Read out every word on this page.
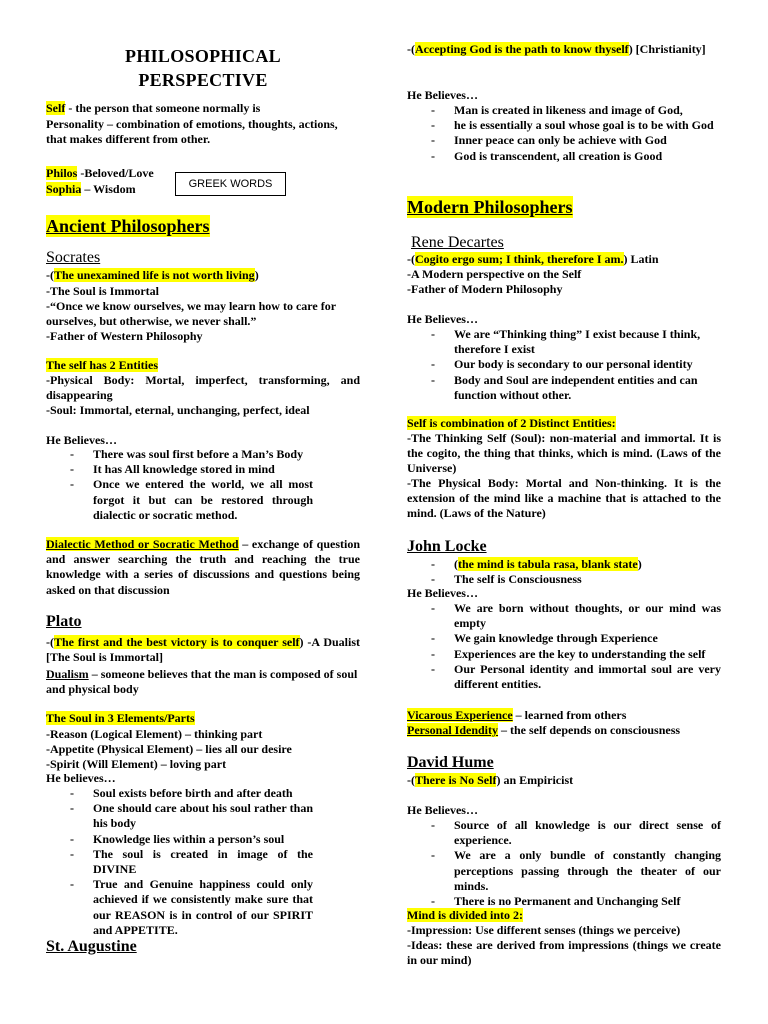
PHILOSOPHICAL
PERSPECTIVE

Self - the person that someone normally is

Personality – combination of emotions, thoughts, actions, that makes different from other.

Philos -Beloved/Love

Sophia – Wisdom	GREEK WORDS

Ancient Philosophers

Socrates

-(The unexamined life is not worth living)

-The Soul is Immortal

-“Once we know ourselves, we may learn how to care for ourselves, but otherwise, we never shall.”

-Father of Western Philosophy

The self has 2 Entities

-Physical Body: Mortal, imperfect, transforming, and disappearing

-Soul: Immortal, eternal, unchanging, perfect, ideal

He Believes…

- There was soul first before a Man’s Body
- It has All knowledge stored in mind
- Once we entered the world, we all most forgot it but can be restored through dialectic or socratic method.

Dialectic Method or Socratic Method – exchange of question and answer searching the truth and reaching the true knowledge with a series of discussions and questions being asked on that discussion

Plato

-(The first and the best victory is to conquer self) -A Dualist [The Soul is Immortal]

Dualism – someone believes that the man is composed of soul and physical body

The Soul in 3 Elements/Parts

-Reason (Logical Element) – thinking part

-Appetite (Physical Element) – lies all our desire

-Spirit (Will Element) – loving part

He believes…

- Soul exists before birth and after death
- One should care about his soul rather than his body
- Knowledge lies within a person’s soul
- The soul is created in image of the DIVINE
- True and Genuine happiness could only achieved if we consistently make sure that our REASON is in control of our SPIRIT and APPETITE.

St. Augustine

-(Accepting God is the path to know thyself) [Christianity]

He Believes…

- Man is created in likeness and image of God,
- he is essentially a soul whose goal is to be with God
- Inner peace can only be achieve with God
- God is transcendent, all creation is Good

Modern Philosophers

Rene Decartes

-(Cogito ergo sum; I think, therefore I am.) Latin

-A Modern perspective on the Self

-Father of Modern Philosophy

He Believes…

- We are “Thinking thing” I exist because I think, therefore I exist
- Our body is secondary to our personal identity
- Body and Soul are independent entities and can function without other.

Self is combination of 2 Distinct Entities:

-The Thinking Self (Soul): non-material and immortal. It is the cogito, the thing that thinks, which is mind. (Laws of the Universe)

-The Physical Body: Mortal and Non-thinking. It is the extension of the mind like a machine that is attached to the mind. (Laws of the Nature)

John Locke

- (the mind is tabula rasa, blank state)
- The self is Consciousness

He Believes…

- We are born without thoughts, or our mind was empty
- We gain knowledge through Experience
- Experiences are the key to understanding the self
- Our Personal identity and immortal soul are very different entities.

Vicarous Experience – learned from others

Personal Idendity – the self depends on consciousness

David Hume

-(There is No Self) an Empiricist

He Believes…

- Source of all knowledge is our direct sense of experience.
- We are a only bundle of constantly changing perceptions passing through the theater of our minds.
- There is no Permanent and Unchanging Self

Mind is divided into 2:

-Impression: Use different senses (things we perceive)

-Ideas: these are derived from impressions (things we create in our mind)
